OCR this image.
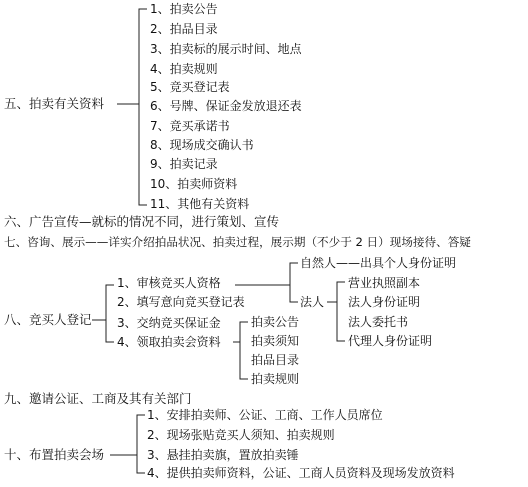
五、拍卖有关资料
1、拍卖公告
2、拍品目录
3、拍卖标的展示时间、地点
4、拍卖规则
5、竞买登记表
6、号牌、保证金发放退还表
7、竞买承诺书
8、现场成交确认书
9、拍卖记录
10、拍卖师资料
11、其他有关资料
六、广告宣传—就标的情况不同，进行策划、宣传
七、咨询、展示——详实介绍拍品状况、拍卖过程，展示期（不少于 2 日）现场接待、答疑
八、竞买人登记
1、审核竞买人资格
2、填写意向竞买登记表
3、交纳竞买保证金
4、领取拍卖会资料
自然人——出具个人身份证明
法人
营业执照副本
法人身份证明
法人委托书
代理人身份证明
拍卖公告
拍卖须知
拍品目录
拍卖规则
九、邀请公证、工商及其有关部门
十、布置拍卖会场
1、安排拍卖师、公证、工商、工作人员席位
2、现场张贴竞买人须知、拍卖规则
3、悬挂拍卖旗，置放拍卖锤
4、提供拍卖师资料，公证、工商人员资料及现场发放资料
